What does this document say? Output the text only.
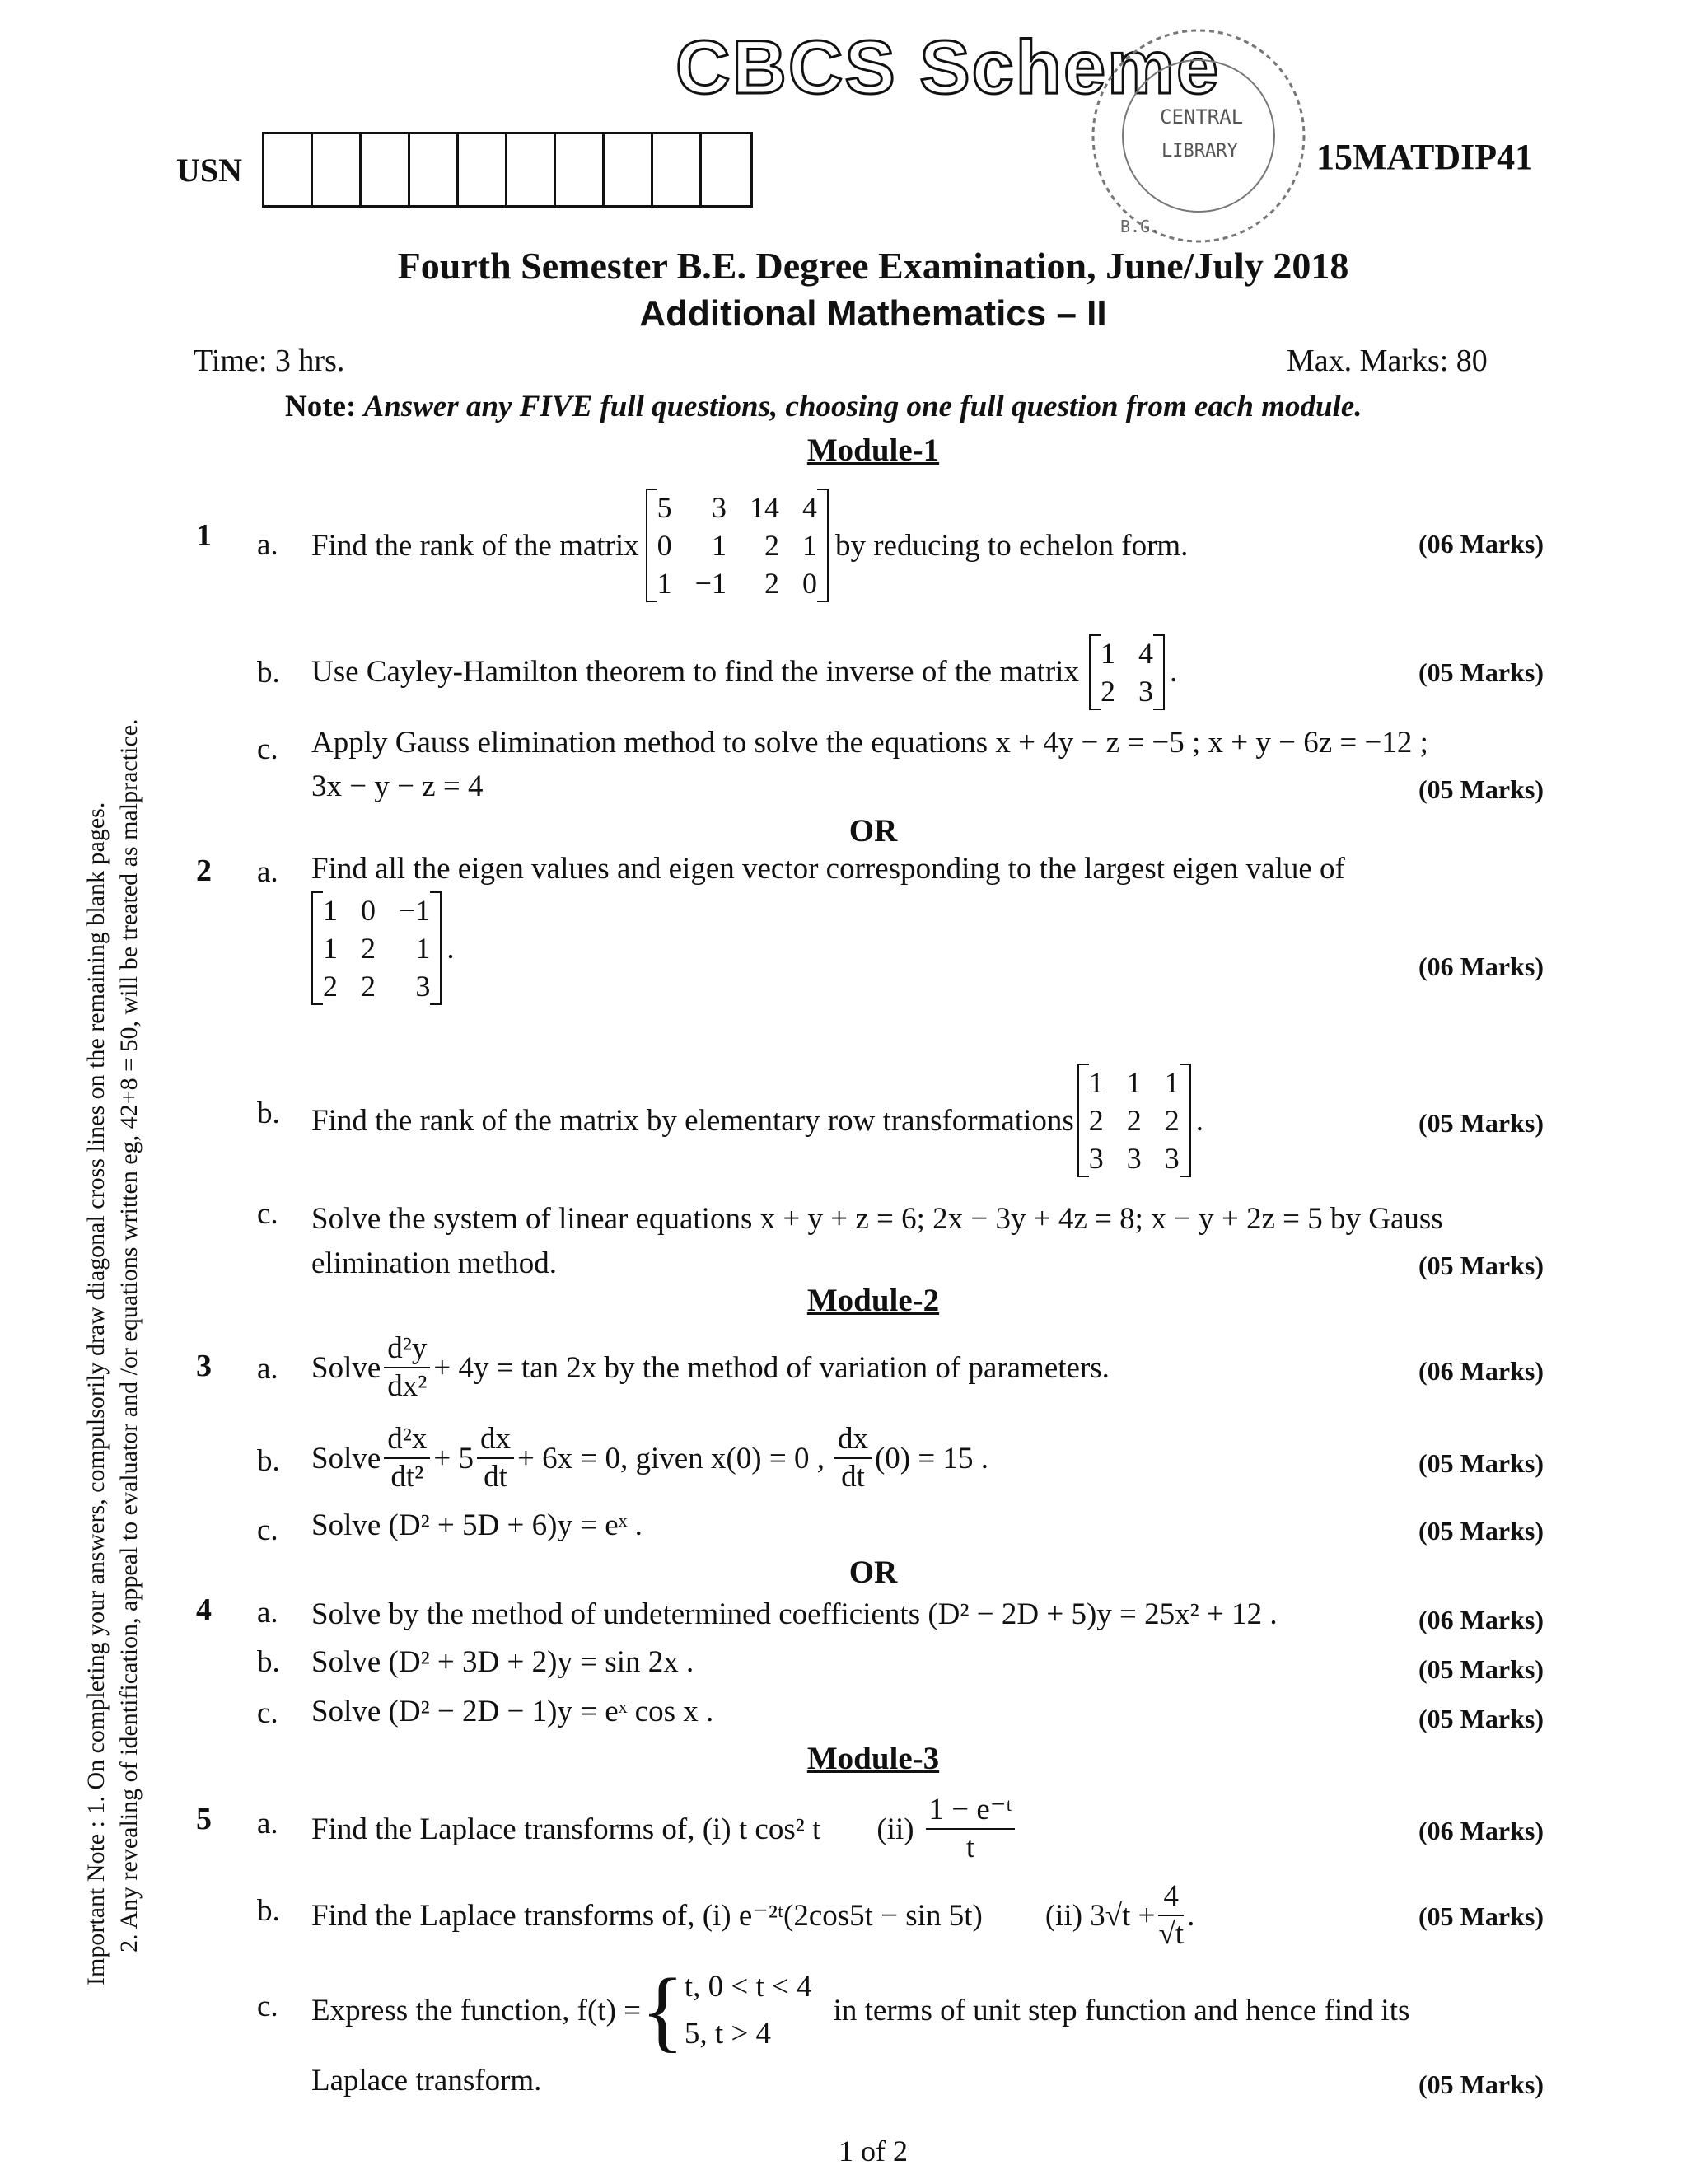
CBCS Scheme
CENTRAL
LIBRARY
B.G.
USN	15MATDIP41
Fourth Semester B.E. Degree Examination, June/July 2018
Additional Mathematics – II
Time: 3 hrs.	Max. Marks: 80
Note: Answer any FIVE full questions, choosing one full question from each module.
Important Note : 1. On completing your answers, compulsorily draw diagonal cross lines on the remaining blank pages. 2. Any revealing of identification, appeal to evaluator and /or equations written eg, 42+8 = 50, will be treated as malpractice.
Module-1
1 a. Find the rank of the matrix
5	3	14	4
0	1	2	1
1	−1	2	0
by reducing to echelon form.	(06 Marks)
b. Use Cayley-Hamilton theorem to find the inverse of the matrix
1	4
2	3
.	(05 Marks)
c. Apply Gauss elimination method to solve the equations x + 4y − z = −5 ; x + y − 6z = −12 ;
3x − y − z = 4	(05 Marks)
OR
2 a. Find all the eigen values and eigen vector corresponding to the largest eigen value of
1	0	−1
1	2	1
2	2	3
.
(06 Marks)
b. Find the rank of the matrix by elementary row transformations
1	1	1
2	2	2
3	3	3
.	(05 Marks)
c. Solve the system of linear equations x + y + z = 6; 2x − 3y + 4z = 8; x − y + 2z = 5 by Gauss
elimination method.	(05 Marks)
Module-2
3 a. Solve $\frac{\text{d²y}}{\text{dx²}} + 4y = \tan 2x$ by the method of variation of parameters.	(06 Marks)
b. Solve $\frac{\text{d²x}}{\text{dt²}} + 5 \frac{dx}{dt} + 6x = 0$, given x(0) = 0 , $\frac{dx}{dt} (0) = 15$ .	(05 Marks)
c. Solve (D² + 5D + 6)y = eˣ .	(05 Marks)
OR
4 a. Solve by the method of undetermined coefficients (D² − 2D + 5)y = 25x² + 12 .	(06 Marks)
b. Solve (D² + 3D + 2)y = sin 2x .	(05 Marks)
c. Solve (D² − 2D − 1)y = eˣ cos x .	(05 Marks)
Module-3
5 a. Find the Laplace transforms of, (i) t cos² t $(ii) \frac{\text{1 − e⁻ᵗ}}{t}$	(06 Marks)
b. Find the Laplace transforms of, (i) e⁻²ᵗ(2cos5t − sin 5t) (ii) $3√t + \frac{4}{√t}$ .	(05 Marks)
c. Express the function, f(t) = { t, 0 < t < 4
5, t > 4
in terms of unit step function and hence find its
Laplace transform.	(05 Marks)
1 of 2
